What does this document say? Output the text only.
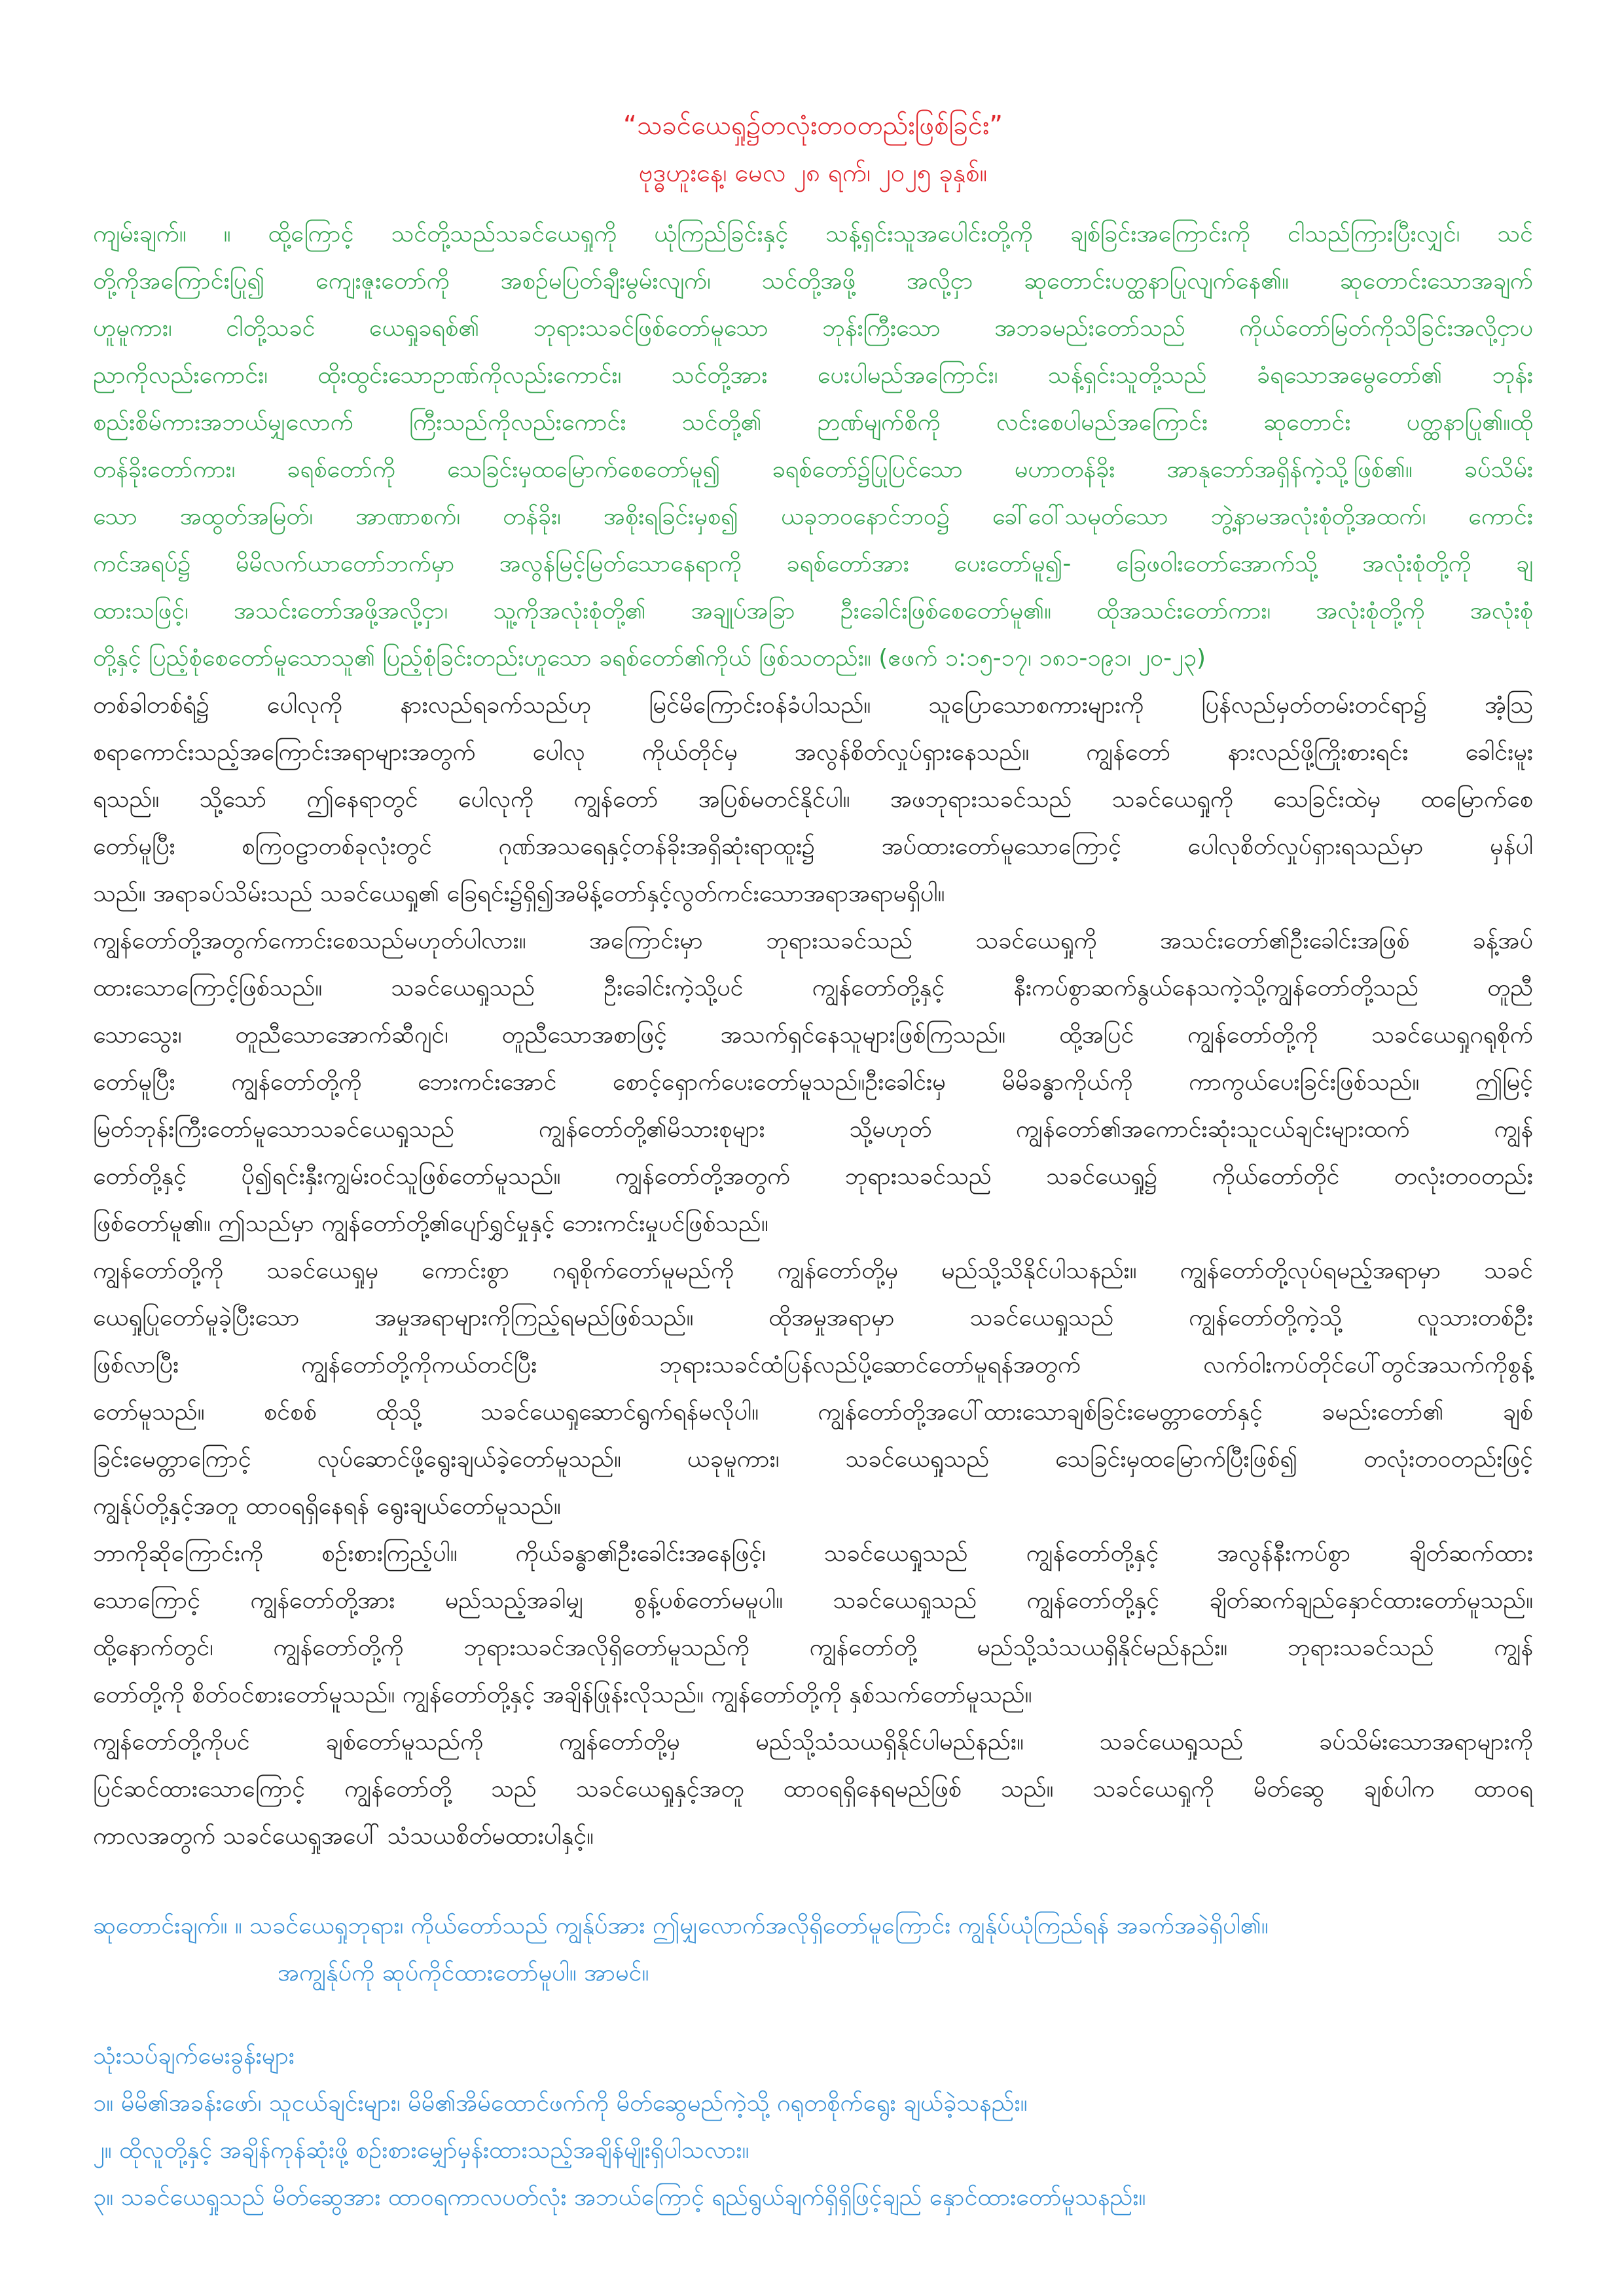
“သခင်ယေရှု၌တလုံးတဝတည်းဖြစ်ခြင်း”
ဗုဒ္ဓဟူးနေ့၊ မေလ ၂၈ ရက်၊ ၂၀၂၅ ခုနှစ်။
ကျမ်းချက်။ ။ ထို့ကြောင့် သင်တို့သည်သခင်ယေရှုကို ယုံကြည်ခြင်းနှင့် သန့်ရှင်းသူအပေါင်းတို့ကို ချစ်ခြင်းအကြောင်းကို ငါသည်ကြားပြီးလျှင်၊ သင်
တို့ကိုအကြောင်းပြု၍ ကျေးဇူးတော်ကို အစဉ်မပြတ်ချီးမွမ်းလျက်၊ သင်တို့အဖို့ အလို့ငှာ ဆုတောင်းပတ္ထနာပြုလျက်နေ၏။ ဆုတောင်းသောအချက်
ဟူမူကား၊ ငါတို့သခင် ယေရှုခရစ်၏ ဘုရားသခင်ဖြစ်တော်မူသော ဘုန်းကြီးသော အဘခမည်းတော်သည် ကိုယ်တော်မြတ်ကိုသိခြင်းအလို့ငှာပ
ညာကိုလည်းကောင်း၊ ထိုးထွင်းသောဥာဏ်ကိုလည်းကောင်း၊ သင်တို့အား ပေးပါမည်အကြောင်း၊ သန့်ရှင်းသူတို့သည် ခံရသောအမွေတော်၏ ဘုန်း
စည်းစိမ်ကားအဘယ်မျှလောက် ကြီးသည်ကိုလည်းကောင်း သင်တို့၏ ဉာဏ်မျက်စိကို လင်းစေပါမည်အကြောင်း ဆုတောင်း ပတ္ထနာပြု၏။ထို
တန်ခိုးတော်ကား၊ ခရစ်တော်ကို သေခြင်းမှထမြောက်စေတော်မူ၍ ခရစ်တော်၌ပြုပြင်သော မဟာတန်ခိုး အာနုဘော်အရှိန်ကဲ့သို့ဖြစ်၏။ ခပ်သိမ်း
သော အထွတ်အမြတ်၊ အာဏာစက်၊ တန်ခိုး၊ အစိုးရခြင်းမှစ၍ ယခုဘဝနောင်ဘဝ၌ ခေါ်ဝေါ်သမုတ်သော ဘွဲ့နာမအလုံးစုံတို့အထက်၊ ကောင်း
ကင်အရပ်၌ မိမိလက်ယာတော်ဘက်မှာ အလွန်မြင့်မြတ်သောနေရာကို ခရစ်တော်အား ပေးတော်မူ၍- ခြေဖဝါးတော်အောက်သို့ အလုံးစုံတို့ကို ချ
ထားသဖြင့်၊ အသင်းတော်အဖို့အလို့ငှာ၊ သူ့ကိုအလုံးစုံတို့၏ အချုပ်အခြာ ဦးခေါင်းဖြစ်စေတော်မူ၏။ ထိုအသင်းတော်ကား၊ အလုံးစုံတို့ကို အလုံးစုံ
တို့နှင့် ပြည့်စုံစေတော်မူသောသူ၏ ပြည့်စုံခြင်းတည်းဟူသော ခရစ်တော်၏ကိုယ် ဖြစ်သတည်း။ (ဧဖက် ၁:၁၅-၁၇၊ ၁၈၁-၁၉၁၊ ၂၀-၂၃)
တစ်ခါတစ်ရံ၌ ပေါလုကို နားလည်ရခက်သည်ဟု မြင်မိကြောင်းဝန်ခံပါသည်။ သူပြောသောစကားများကို ပြန်လည်မှတ်တမ်းတင်ရာ၌ အံ့သြ
စရာကောင်းသည့်အကြောင်းအရာများအတွက် ပေါလု ကိုယ်တိုင်မှ အလွန်စိတ်လှုပ်ရှားနေသည်။ ကျွန်တော် နားလည်ဖို့ကြိုးစားရင်း ခေါင်းမူး
ရသည်။ သို့သော် ဤနေရာတွင် ပေါလုကို ကျွန်တော် အပြစ်မတင်နိုင်ပါ။ အဖဘုရားသခင်သည် သခင်ယေရှုကို သေခြင်းထဲမှ ထမြောက်စေ
တော်မူပြီး စကြဝဠာတစ်ခုလုံးတွင် ဂုဏ်အသရေနှင့်တန်ခိုးအရှိဆုံးရာထူး၌ အပ်ထားတော်မူသောကြောင့် ပေါလုစိတ်လှုပ်ရှားရသည်မှာ မှန်ပါ
သည်။ အရာခပ်သိမ်းသည် သခင်ယေရှု၏ ခြေရင်း၌ရှိ၍အမိန့်တော်နှင့်လွတ်ကင်းသောအရာအရာမရှိပါ။
ကျွန်တော်တို့အတွက်ကောင်းစေသည်မဟုတ်ပါလား။ အကြောင်းမှာ ဘုရားသခင်သည် သခင်ယေရှုကို အသင်းတော်၏ဦးခေါင်းအဖြစ် ခန့်အပ်
ထားသောကြောင့်ဖြစ်သည်။ သခင်ယေရှုသည် ဦးခေါင်းကဲ့သို့ပင် ကျွန်တော်တို့နှင့် နီးကပ်စွာဆက်နွယ်နေသကဲ့သို့ကျွန်တော်တို့သည် တူညီ
သောသွေး၊ တူညီသောအောက်ဆီဂျင်၊ တူညီသောအစာဖြင့် အသက်ရှင်နေသူများဖြစ်ကြသည်။ ထို့အပြင် ကျွန်တော်တို့ကို သခင်ယေရှုဂရုစိုက်
တော်မူပြီး ကျွန်တော်တို့ကို ဘေးကင်းအောင် စောင့်ရှောက်ပေးတော်မူသည်။ဦးခေါင်းမှ မိမိခန္ဓာကိုယ်ကို ကာကွယ်ပေးခြင်းဖြစ်သည်။ ဤမြင့်
မြတ်ဘုန်းကြီးတော်မူသောသခင်ယေရှုသည် ကျွန်တော်တို့၏မိသားစုများ သို့မဟုတ် ကျွန်တော်၏အကောင်းဆုံးသူငယ်ချင်းများထက် ကျွန်
တော်တို့နှင့် ပို၍ရင်းနှီးကျွမ်းဝင်သူဖြစ်တော်မူသည်။ ကျွန်တော်တို့အတွက် ဘုရားသခင်သည် သခင်ယေရှု၌ ကိုယ်တော်တိုင် တလုံးတဝတည်း
ဖြစ်တော်မူ၏။ ဤသည်မှာ ကျွန်တော်တို့၏ပျော်ရွှင်မှုနှင့် ဘေးကင်းမှုပင်ဖြစ်သည်။
ကျွန်တော်တို့ကို သခင်ယေရှုမှ ကောင်းစွာ ဂရုစိုက်တော်မူမည်ကို ကျွန်တော်တို့မှ မည်သို့သိနိုင်ပါသနည်း။ ကျွန်တော်တို့လုပ်ရမည့်အရာမှာ သခင်
ယေရှုပြုတော်မူခဲ့ပြီးသော အမှုအရာများကိုကြည့်ရမည်ဖြစ်သည်။ ထိုအမှုအရာမှာ သခင်ယေရှုသည် ကျွန်တော်တို့ကဲ့သို့ လူသားတစ်ဦး
ဖြစ်လာပြီး ကျွန်တော်တို့ကိုကယ်တင်ပြီး ဘုရားသခင်ထံပြန်လည်ပို့ဆောင်တော်မူရန်အတွက် လက်ဝါးကပ်တိုင်ပေါ်တွင်အသက်ကိုစွန့်
တော်မူသည်။ စင်စစ် ထိုသို့ သခင်ယေရှုဆောင်ရွက်ရန်မလိုပါ။ ကျွန်တော်တို့အပေါ်ထားသောချစ်ခြင်းမေတ္တာတော်နှင့် ခမည်းတော်၏ ချစ်
ခြင်းမေတ္တာကြောင့် လုပ်ဆောင်ဖို့ရွေးချယ်ခဲ့တော်မူသည်။ ယခုမူကား၊ သခင်ယေရှုသည် သေခြင်းမှထမြောက်ပြီးဖြစ်၍ တလုံးတဝတည်းဖြင့်
ကျွန်ုပ်တို့နှင့်အတူ ထာဝရရှိနေရန် ရွေးချယ်တော်မူသည်။
ဘာကိုဆိုကြောင်းကို စဉ်းစားကြည့်ပါ။ ကိုယ်ခန္ဓာ၏ဦးခေါင်းအနေဖြင့်၊ သခင်ယေရှုသည် ကျွန်တော်တို့နှင့် အလွန်နီးကပ်စွာ ချိတ်ဆက်ထား
သောကြောင့် ကျွန်တော်တို့အား မည်သည့်အခါမျှ စွန့်ပစ်တော်မမူပါ။ သခင်ယေရှုသည် ကျွန်တော်တို့နှင့် ချိတ်ဆက်ချည်နှောင်ထားတော်မူသည်။
ထို့နောက်တွင်၊ ကျွန်တော်တို့ကို ဘုရားသခင်အလိုရှိတော်မူသည်ကို ကျွန်တော်တို့ မည်သို့သံသယရှိနိုင်မည်နည်း။ ဘုရားသခင်သည် ကျွန်
တော်တို့ကို စိတ်ဝင်စားတော်မူသည်။ ကျွန်တော်တို့နှင့် အချိန်ဖြုန်းလိုသည်။ ကျွန်တော်တို့ကို နှစ်သက်တော်မူသည်။
ကျွန်တော်တို့ကိုပင် ချစ်တော်မူသည်ကို ကျွန်တော်တို့မှ မည်သို့သံသယရှိနိုင်ပါမည်နည်း။ သခင်ယေရှုသည် ခပ်သိမ်းသောအရာများကို
ပြင်ဆင်ထားသောကြောင့် ကျွန်တော်တို့ သည် သခင်ယေရှုနှင့်အတူ ထာဝရရှိနေရမည်ဖြစ် သည်။ သခင်ယေရှုကို မိတ်ဆွေ ချစ်ပါက ထာဝရ
ကာလအတွက် သခင်ယေရှုအပေါ် သံသယစိတ်မထားပါနှင့်။
ဆုတောင်းချက်။ ။ သခင်ယေရှုဘုရား၊ ကိုယ်တော်သည် ကျွန်ုပ်အား ဤမျှလောက်အလိုရှိတော်မူကြောင်း ကျွန်ုပ်ယုံကြည်ရန် အခက်အခဲရှိပါ၏။
အကျွန်ုပ်ကို ဆုပ်ကိုင်ထားတော်မူပါ။ အာမင်။
သုံးသပ်ချက်မေးခွန်းများ
၁။ မိမိ၏အခန်းဖော်၊ သူငယ်ချင်းများ၊ မိမိ၏အိမ်ထောင်ဖက်ကို မိတ်ဆွေမည်ကဲ့သို့ ဂရုတစိုက်ရွေး ချယ်ခဲ့သနည်း။
၂။ ထိုလူတို့နှင့် အချိန်ကုန်ဆုံးဖို့ စဉ်းစားမျှော်မှန်းထားသည့်အချိန်မျိုးရှိပါသလား။
၃။ သခင်ယေရှုသည် မိတ်ဆွေအား ထာဝရကာလပတ်လုံး အဘယ်ကြောင့် ရည်ရွယ်ချက်ရှိရှိဖြင့်ချည် နှောင်ထားတော်မူသနည်း။
